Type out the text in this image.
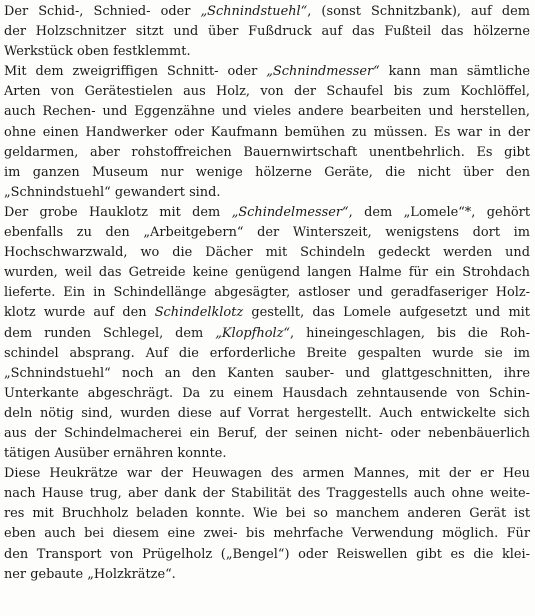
Der Schid-, Schnied- oder „Schnindstuehl“, (sonst Schnitzbank), auf dem
der Holzschnitzer sitzt und über Fußdruck auf das Fußteil das hölzerne
Werkstück oben festklemmt.
Mit dem zweigriffigen Schnitt- oder „Schnindmesser“ kann man sämtliche
Arten von Gerätestielen aus Holz, von der Schaufel bis zum Kochlöffel,
auch Rechen- und Eggenzähne und vieles andere bearbeiten und herstellen,
ohne einen Handwerker oder Kaufmann bemühen zu müssen. Es war in der
geldarmen, aber rohstoffreichen Bauernwirtschaft unentbehrlich. Es gibt
im ganzen Museum nur wenige hölzerne Geräte, die nicht über den
„Schnindstuehl“ gewandert sind.
Der grobe Hauklotz mit dem „Schindelmesser“, dem „Lomele“*, gehört
ebenfalls zu den „Arbeitgebern“ der Winterszeit, wenigstens dort im
Hochschwarzwald, wo die Dächer mit Schindeln gedeckt werden und
wurden, weil das Getreide keine genügend langen Halme für ein Strohdach
lieferte. Ein in Schindellänge abgesägter, astloser und geradfaseriger Holz-
klotz wurde auf den Schindelklotz gestellt, das Lomele aufgesetzt und mit
dem runden Schlegel, dem „Klopfholz“, hineingeschlagen, bis die Roh-
schindel absprang. Auf die erforderliche Breite gespalten wurde sie im
„Schnindstuehl“ noch an den Kanten sauber- und glattgeschnitten, ihre
Unterkante abgeschrägt. Da zu einem Hausdach zehntausende von Schin-
deln nötig sind, wurden diese auf Vorrat hergestellt. Auch entwickelte sich
aus der Schindelmacherei ein Beruf, der seinen nicht- oder nebenbäuerlich
tätigen Ausüber ernähren konnte.
Diese Heukrätze war der Heuwagen des armen Mannes, mit der er Heu
nach Hause trug, aber dank der Stabilität des Traggestells auch ohne weite-
res mit Bruchholz beladen konnte. Wie bei so manchem anderen Gerät ist
eben auch bei diesem eine zwei- bis mehrfache Verwendung möglich. Für
den Transport von Prügelholz („Bengel“) oder Reiswellen gibt es die klei-
ner gebaute „Holzkrätze“.
